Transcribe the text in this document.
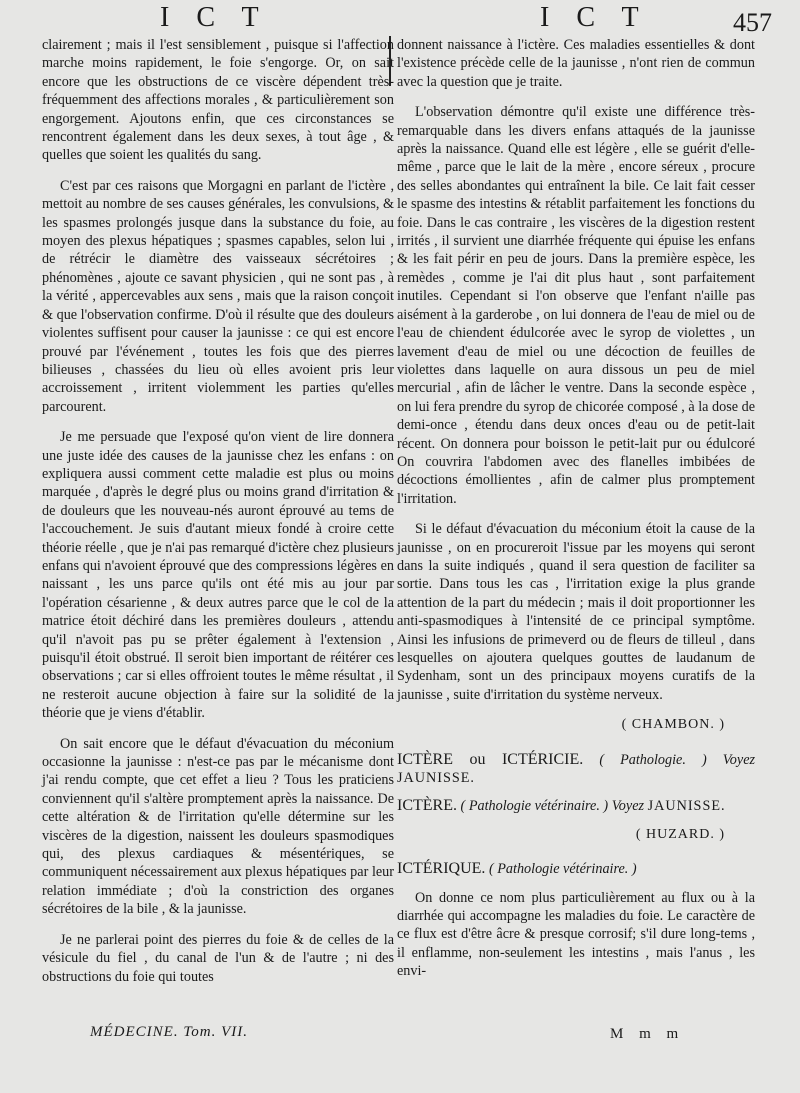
I C T	I C T	457

clairement ; mais il l'est sensiblement , puisque si l'affection marche moins rapidement, le foie s'engorge. Or, on sait encore que les obstructions de ce viscère dépendent très-fréquemment des affections morales , & particulièrement son engorgement. Ajoutons enfin, que ces circonstances se rencontrent également dans les deux sexes, à tout âge , & quelles que soient les qualités du sang.

C'est par ces raisons que Morgagni en parlant de l'ictère , mettoit au nombre de ses causes générales, les convulsions, & les spasmes prolongés jusque dans la substance du foie, au moyen des plexus hépatiques ; spasmes capables, selon lui , de rétrécir le diamètre des vaisseaux sécrétoires ; phénomènes , ajoute ce savant physicien , qui ne sont pas , à la vérité , appercevables aux sens , mais que la raison conçoit & que l'observation confirme. D'où il résulte que des douleurs violentes suffisent pour causer la jaunisse : ce qui est encore prouvé par l'événement , toutes les fois que des pierres bilieuses , chassées du lieu où elles avoient pris leur accroissement , irritent violemment les parties qu'elles parcourent.

Je me persuade que l'exposé qu'on vient de lire donnera une juste idée des causes de la jaunisse chez les enfans : on expliquera aussi comment cette maladie est plus ou moins marquée , d'après le degré plus ou moins grand d'irritation & de douleurs que les nouveau-nés auront éprouvé au tems de l'accouchement. Je suis d'autant mieux fondé à croire cette théorie réelle , que je n'ai pas remarqué d'ictère chez plusieurs enfans qui n'avoient éprouvé que des compressions légères en naissant , les uns parce qu'ils ont été mis au jour par l'opération césarienne , & deux autres parce que le col de la matrice étoit déchiré dans les premières douleurs , attendu qu'il n'avoit pas pu se prêter également à l'extension , puisqu'il étoit obstrué. Il seroit bien important de réitérer ces observations ; car si elles offroient toutes le même résultat , il ne resteroit aucune objection à faire sur la solidité de la théorie que je viens d'établir.

On sait encore que le défaut d'évacuation du méconium occasionne la jaunisse : n'est-ce pas par le mécanisme dont j'ai rendu compte, que cet effet a lieu ? Tous les praticiens conviennent qu'il s'altère promptement après la naissance. De cette altération & de l'irritation qu'elle détermine sur les viscères de la digestion, naissent les douleurs spasmodiques qui, des plexus cardiaques & mésentériques, se communiquent nécessairement aux plexus hépatiques par leur relation immédiate ; d'où la constriction des organes sécrétoires de la bile , & la jaunisse.

Je ne parlerai point des pierres du foie & de celles de la vésicule du fiel , du canal de l'un & de l'autre ; ni des obstructions du foie qui toutes

donnent naissance à l'ictère. Ces maladies essentielles & dont l'existence précède celle de la jaunisse , n'ont rien de commun avec la question que je traite.

L'observation démontre qu'il existe une différence très-remarquable dans les divers enfans attaqués de la jaunisse après la naissance. Quand elle est légère , elle se guérit d'elle-même , parce que le lait de la mère , encore séreux , procure des selles abondantes qui entraînent la bile. Ce lait fait cesser le spasme des intestins & rétablit parfaitement les fonctions du foie. Dans le cas contraire , les viscères de la digestion restent irrités , il survient une diarrhée fréquente qui épuise les enfans & les fait périr en peu de jours. Dans la première espèce, les remèdes , comme je l'ai dit plus haut , sont parfaitement inutiles. Cependant si l'on observe que l'enfant n'aille pas aisément à la garderobe , on lui donnera de l'eau de miel ou de l'eau de chiendent édulcorée avec le syrop de violettes , un lavement d'eau de miel ou une décoction de feuilles de violettes dans laquelle on aura dissous un peu de miel mercurial , afin de lâcher le ventre. Dans la seconde espèce , on lui fera prendre du syrop de chicorée composé , à la dose de demi-once , étendu dans deux onces d'eau ou de petit-lait récent. On donnera pour boisson le petit-lait pur ou édulcoré On couvrira l'abdomen avec des flanelles imbibées de décoctions émollientes , afin de calmer plus promptement l'irritation.

Si le défaut d'évacuation du méconium étoit la cause de la jaunisse , on en procureroit l'issue par les moyens qui seront dans la suite indiqués , quand il sera question de faciliter sa sortie. Dans tous les cas , l'irritation exige la plus grande attention de la part du médecin ; mais il doit proportionner les anti-spasmodiques à l'intensité de ce principal symptôme. Ainsi les infusions de primeverd ou de fleurs de tilleul , dans lesquelles on ajoutera quelques gouttes de laudanum de Sydenham, sont un des principaux moyens curatifs de la jaunisse , suite d'irritation du système nerveux.

( CHAMBON. )
ICTÈRE ou ICTÉRICIE. ( Pathologie. ) Voyez JAUNISSE.
ICTÈRE. ( Pathologie vétérinaire. ) Voyez JAUNISSE.
( HUZARD. )
ICTÉRIQUE. ( Pathologie vétérinaire. )

On donne ce nom plus particulièrement au flux ou à la diarrhée qui accompagne les maladies du foie. Le caractère de ce flux est d'être âcre & presque corrosif; s'il dure long-tems , il enflamme, non-seulement les intestins , mais l'anus , les envi-

MÉDECINE. Tom. VII.	M m m
